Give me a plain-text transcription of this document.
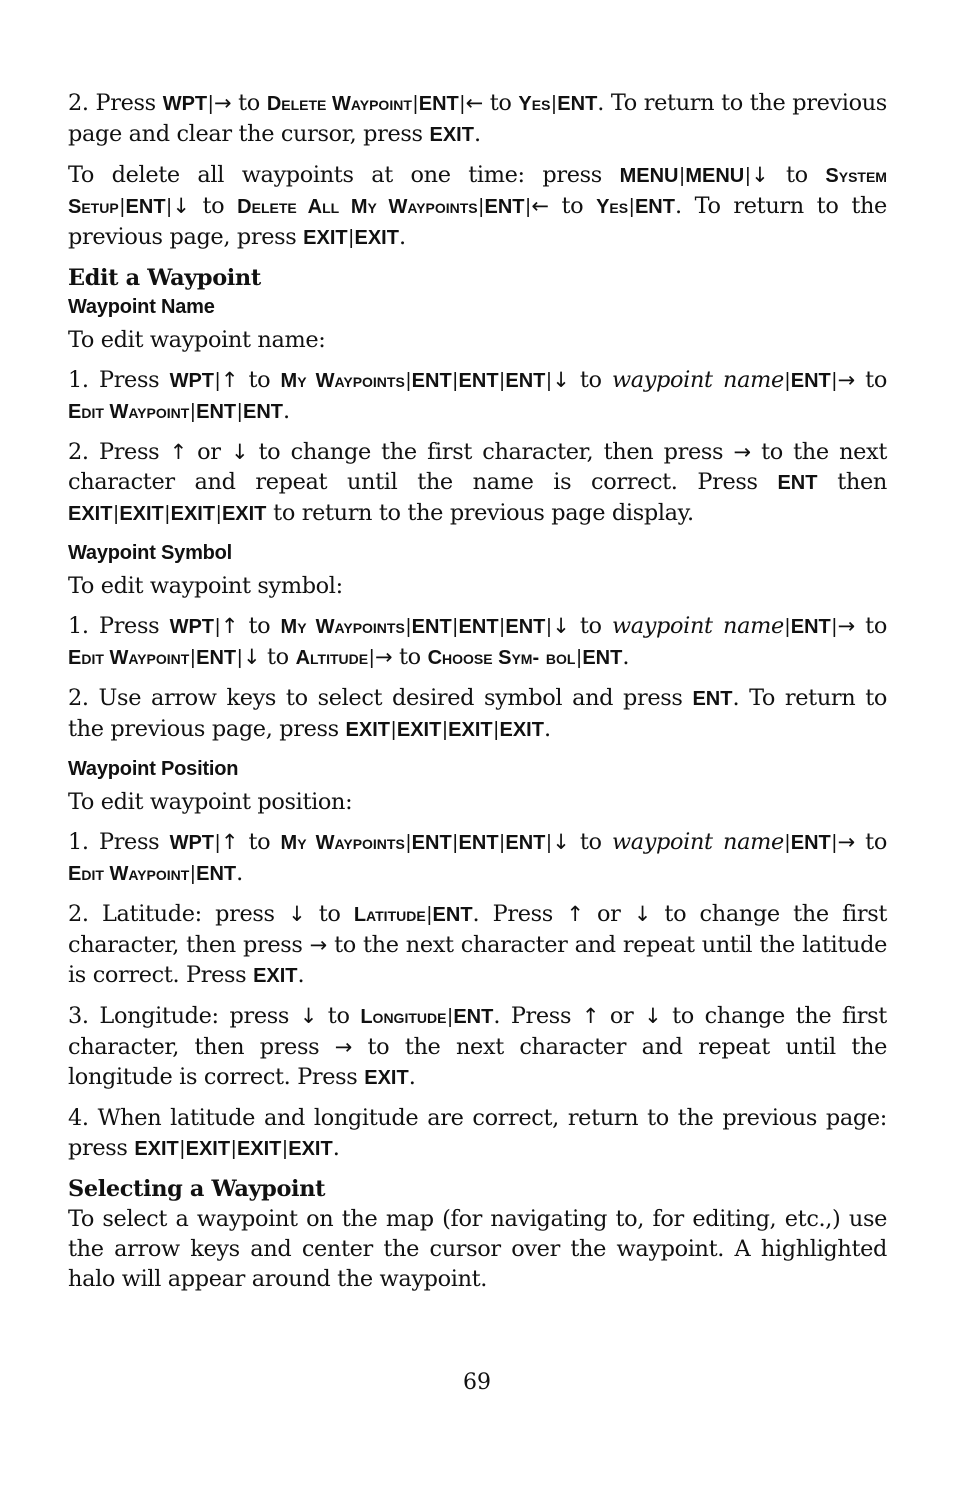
2. Press WPT|→ to Delete Waypoint|ENT|← to Yes|ENT. To return to the previous page and clear the cursor, press EXIT.

To delete all waypoints at one time: press MENU|MENU|↓ to System Setup|ENT|↓ to Delete All My Waypoints|ENT|← to Yes|ENT. To return to the previous page, press EXIT|EXIT.

Edit a Waypoint
Waypoint Name

To edit waypoint name:

1. Press WPT|↑ to My Waypoints|ENT|ENT|ENT|↓ to waypoint name|ENT|→ to Edit Waypoint|ENT|ENT.

2. Press ↑ or ↓ to change the first character, then press → to the next character and repeat until the name is correct. Press ENT then EXIT|EXIT|EXIT|EXIT to return to the previous page display.

Waypoint Symbol

To edit waypoint symbol:

1. Press WPT|↑ to My Waypoints|ENT|ENT|ENT|↓ to waypoint name|ENT|→ to Edit Waypoint|ENT|↓ to Altitude|→ to Choose Sym- bol|ENT.

2. Use arrow keys to select desired symbol and press ENT. To return to the previous page, press EXIT|EXIT|EXIT|EXIT.

Waypoint Position

To edit waypoint position:

1. Press WPT|↑ to My Waypoints|ENT|ENT|ENT|↓ to waypoint name|ENT|→ to Edit Waypoint|ENT.

2. Latitude: press ↓ to Latitude|ENT. Press ↑ or ↓ to change the first character, then press → to the next character and repeat until the latitude is correct. Press EXIT.

3. Longitude: press ↓ to Longitude|ENT. Press ↑ or ↓ to change the first character, then press → to the next character and repeat until the longitude is correct. Press EXIT.

4. When latitude and longitude are correct, return to the previous page: press EXIT|EXIT|EXIT|EXIT.

Selecting a Waypoint

To select a waypoint on the map (for navigating to, for editing, etc.,) use the arrow keys and center the cursor over the waypoint. A highlighted halo will appear around the waypoint.

69
